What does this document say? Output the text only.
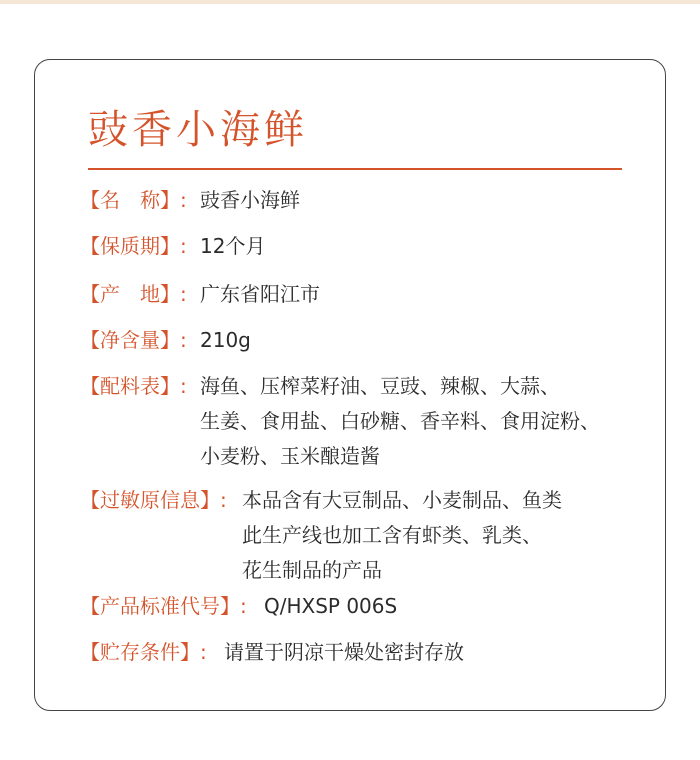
豉香小海鲜
【名　称】: 豉香小海鲜
【保质期】: 12个月
【产　地】: 广东省阳江市
【净含量】: 210g
【配料表】: 海鱼、压榨菜籽油、豆豉、辣椒、大蒜、
生姜、食用盐、白砂糖、香辛料、食用淀粉、
小麦粉、玉米酿造酱
【过敏原信息】: 本品含有大豆制品、小麦制品、鱼类
此生产线也加工含有虾类、乳类、
花生制品的产品
【产品标准代号】: Q/HXSP 006S
【贮存条件】: 请置于阴凉干燥处密封存放
